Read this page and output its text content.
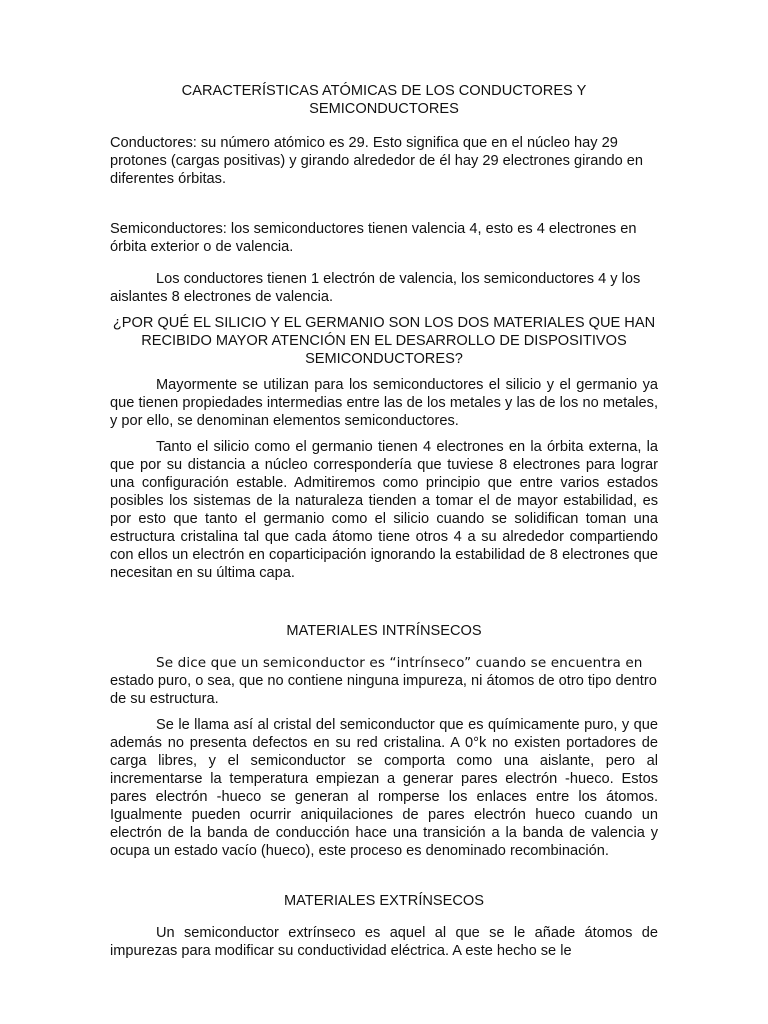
CARACTERÍSTICAS ATÓMICAS DE LOS CONDUCTORES Y SEMICONDUCTORES

Conductores: su número atómico es 29. Esto significa que en el núcleo hay 29 protones (cargas positivas) y girando alrededor de él hay 29 electrones girando en diferentes órbitas.

Semiconductores: los semiconductores tienen valencia 4, esto es 4 electrones en órbita exterior o de valencia.

Los conductores tienen 1 electrón de valencia, los semiconductores 4 y los aislantes 8 electrones de valencia.

¿POR QUÉ EL SILICIO Y EL GERMANIO SON LOS DOS MATERIALES QUE HAN RECIBIDO MAYOR ATENCIÓN EN EL DESARROLLO DE DISPOSITIVOS SEMICONDUCTORES?

Mayormente se utilizan para los semiconductores el silicio y el germanio ya que tienen propiedades intermedias entre las de los metales y las de los no metales, y por ello, se denominan elementos semiconductores.

Tanto el silicio como el germanio tienen 4 electrones en la órbita externa, la que por su distancia a núcleo correspondería que tuviese 8 electrones para lograr una configuración estable. Admitiremos como principio que entre varios estados posibles los sistemas de la naturaleza tienden a tomar el de mayor estabilidad, es por esto que tanto el germanio como el silicio cuando se solidifican toman una estructura cristalina tal que cada átomo tiene otros 4 a su alrededor compartiendo con ellos un electrón en coparticipación ignorando la estabilidad de 8 electrones que necesitan en su última capa.

MATERIALES INTRÍNSECOS

Se dice que un semiconductor es “intrínseco” cuando se encuentra en

estado puro, o sea, que no contiene ninguna impureza, ni átomos de otro tipo dentro de su estructura.

Se le llama así al cristal del semiconductor que es químicamente puro, y que además no presenta defectos en su red cristalina. A 0°k no existen portadores de carga libres, y el semiconductor se comporta como una aislante, pero al incrementarse la temperatura empiezan a generar pares electrón -hueco. Estos pares electrón -hueco se generan al romperse los enlaces entre los átomos. Igualmente pueden ocurrir aniquilaciones de pares electrón hueco cuando un electrón de la banda de conducción hace una transición a la banda de valencia y ocupa un estado vacío (hueco), este proceso es denominado recombinación.

MATERIALES EXTRÍNSECOS

Un semiconductor extrínseco es aquel al que se le añade átomos de impurezas para modificar su conductividad eléctrica. A este hecho se le
